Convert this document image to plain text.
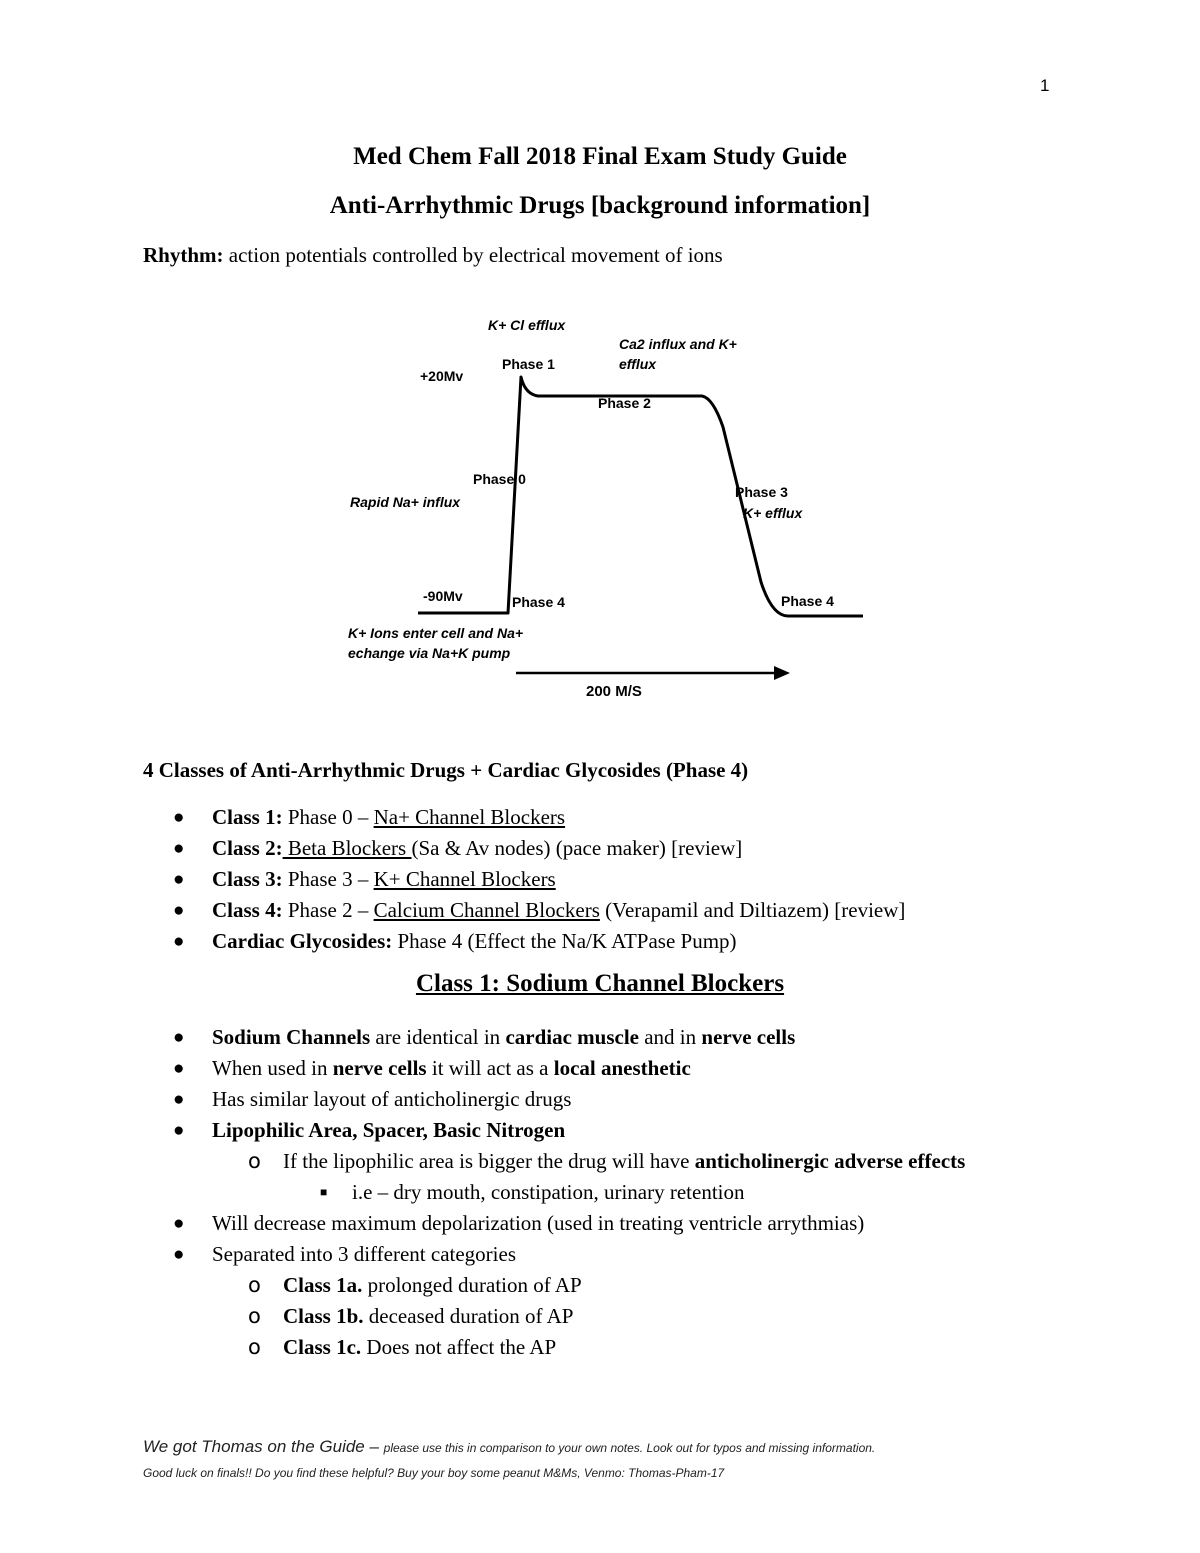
1
Med Chem Fall 2018 Final Exam Study Guide
Anti-Arrhythmic Drugs [background information]
Rhythm: action potentials controlled by electrical movement of ions
K+ Cl efflux
+20Mv
Phase 1
Ca2 influx and K+
efflux
Phase 2
Phase 0
Rapid Na+ influx
Phase 3
K+ efflux
-90Mv	Phase 4	Phase 4
K+ Ions enter cell and Na+
echange via Na+K pump
200 M/S
4 Classes of Anti-Arrhythmic Drugs + Cardiac Glycosides (Phase 4)
● Class 1: Phase 0 – Na+ Channel Blockers
● Class 2: Beta Blockers (Sa & Av nodes) (pace maker) [review]
● Class 3: Phase 3 – K+ Channel Blockers
● Class 4: Phase 2 – Calcium Channel Blockers (Verapamil and Diltiazem) [review]
● Cardiac Glycosides: Phase 4 (Effect the Na/K ATPase Pump)
Class 1: Sodium Channel Blockers
● Sodium Channels are identical in cardiac muscle and in nerve cells
● When used in nerve cells it will act as a local anesthetic
● Has similar layout of anticholinergic drugs
● Lipophilic Area, Spacer, Basic Nitrogen
o If the lipophilic area is bigger the drug will have anticholinergic adverse effects
■ i.e – dry mouth, constipation, urinary retention
● Will decrease maximum depolarization (used in treating ventricle arrythmias)
● Separated into 3 different categories
o Class 1a. prolonged duration of AP
o Class 1b. deceased duration of AP
o Class 1c. Does not affect the AP
We got Thomas on the Guide – please use this in comparison to your own notes. Look out for typos and missing information.
Good luck on finals!! Do you find these helpful? Buy your boy some peanut M&Ms, Venmo: Thomas-Pham-17
